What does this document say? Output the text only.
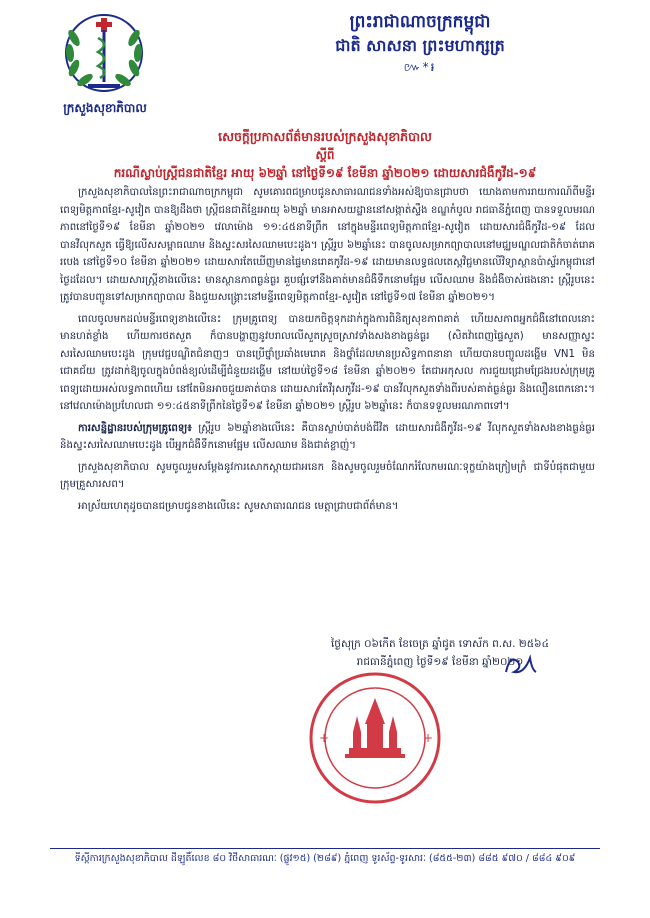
ក្រសួងសុខាភិបាល
ព្រះរាជាណាចក្រកម្ពុជា
ជាតិ សាសនា ព្រះមហាក្សត្រ
៚*៛
សេចក្តីប្រកាសព័ត៌មានរបស់ក្រសួងសុខាភិបាល
ស្តីពី
ករណីស្លាប់ស្ត្រីជនជាតិខ្មែរ អាយុ ៦២ឆ្នាំ នៅថ្ងៃទី១៩ ខែមីនា ឆ្នាំ២០២១ ដោយសារជំងឺកូវីដ-១៩

ក្រសួងសុខាភិបាលនៃព្រះរាជាណាចក្រកម្ពុជា សូមគោរពជម្រាបជូនសាធារណជនទាំងអស់ឱ្យបានជ្រាបថា យោងតាមការរាយការណ៍ពីមន្ទីរពេទ្យមិត្តភាពខ្មែរ-សូវៀត បានឱ្យដឹងថា ស្ត្រីជនជាតិខ្មែរអាយុ ៦២ឆ្នាំ មានអាសយដ្ឋាននៅសង្កាត់ស្ទឹង ខណ្ឌកំបូល រាជធានីភ្នំពេញ បានទទួលមរណភាពនៅថ្ងៃទី១៩ ខែមីនា ឆ្នាំ២០២១ វេលាម៉ោង ១១:៤៥នាទីព្រឹក នៅក្នុងមន្ទីរពេទ្យមិត្តភាពខ្មែរ-សូវៀត ដោយសារជំងឺកូវីដ-១៩ ដែលបានវីលុកសួត ធ្វើឱ្យលើសសម្ពាធឈាម និងស្ទះសរសៃឈាមបេះដូង។ ស្ត្រីរូប ៦២ឆ្នាំនេះ បានចូលសម្រាកព្យាបាលនៅមជ្ឈមណ្ឌលជាតិកំចាត់រោគរបេង នៅថ្ងៃទី១០ ខែមីនា ឆ្នាំ២០២១ ដោយសារតែឃើញមានផ្ទៃមានរោគកូវីដ-១៩ ដោយមានលទ្ធផលតេស្តវិជ្ជមានលើវិទ្យាស្ថានប៉ាស្ទ័រកម្ពុជានៅថ្ងៃដដែល។ ដោយសារស្ត្រីខាងលើនេះ មានស្ថានភាពធ្ងន់ធ្ងរ គួបផ្សំទៅនឹងគាត់មានជំងឺទឹកនោមផ្អែម លើសឈាម និងជំងឺចាស់ផងនោះ ស្ត្រីរូបនេះ ត្រូវបានបញ្ជូនទៅសម្រាកព្យាបាល និងជួយសង្គ្រោះនៅមន្ទីរពេទ្យមិត្តភាពខ្មែរ-សូវៀត នៅថ្ងៃទី១៧ ខែមីនា ឆ្នាំ២០២១។

ពេលចូលមកដល់មន្ទីរពេទ្យខាងលើនេះ ក្រុមគ្រូពេទ្យ បានយកចិត្តទុកដាក់ក្នុងការពិនិត្យសុខភាពគាត់ ហើយសភាពអ្នកជំងឺនៅពេលនោះ មានហត់ខ្លាំង ហើយការថតសួត ក៏បានបង្ហាញនូវបរាលលើសួតស្រួចស្រាវទាំងសងខាងធ្ងន់ធ្ងរ (សិតវ៉ាពេញផ្ទៃសួត) មានសញ្ញាស្ទះសរសៃឈាមបេះដូង ក្រុមវេជ្ជបណ្ឌិតជំនាញៗ បានប្រើថ្នាំប្រឆាំងមេរោគ និងថ្នាំដែលមានប្រសិទ្ធភាពនានា ហើយបានបញ្ចូលដង្ហើម VN1 មិនជោគជ័យ ត្រូវដាក់ឱ្យចូលក្នុងបំពង់ខ្យល់ដើម្បីជំនួយដង្ហើម នៅយប់ថ្ងៃទី១៨ ខែមីនា ឆ្នាំ២០២១ តែជាអកុសល ការជួយជ្រោមជ្រែងរបស់ក្រុមគ្រូពេទ្យដោយអស់លទ្ធភាពហើយ នៅតែមិនអាចជួយគាត់បាន ដោយសារតែវីរុសកូវីដ-១៩ បានវីលុកសួតទាំងពីរបស់គាត់ធ្ងន់ធ្ងរ និងលឿនពេកនោះ។ នៅវេលាម៉ោងប្រហែលជា ១១:៤៥នាទីព្រឹកនៃថ្ងៃទី១៩ ខែមីនា ឆ្នាំ២០២១ ស្ត្រីរូប ៦២ឆ្នាំនេះ ក៏បានទទួលមរណភាពទៅ។

ការសន្និដ្ឋានរបស់ក្រុមគ្រូពេទ្យ៖ ស្ត្រីរូប ៦២ឆ្នាំខាងលើនេះ គឺបានស្លាប់បាត់បង់ជីវិត ដោយសារជំងឺកូវីដ-១៩ វីលុកសួតទាំងសងខាងធ្ងន់ធ្ងរ និងស្ទះសរសៃឈាមបេះដូង បើអ្នកជំងឺទឹកនោមផ្អែម លើសឈាម និងជាត់ខ្លាញ់។

ក្រសួងសុខាភិបាល សូមចូលរួមសម្តែងនូវការសោកស្តាយជាអនេក និងសូមចូលរួមចំណែករំលែកមរណៈទុក្ខយ៉ាងក្រៀមក្រំ ជាទីបំផុតជាមួយក្រុមគ្រួសារសព។

អាស្រ័យហេតុដូចបានជម្រាបជូនខាងលើនេះ សូមសាធារណជន មេត្តាជ្រាបជាព័ត៌មាន។

ថ្ងៃសុក្រ ០៦កើត ខែចេត្រ ឆ្នាំជូត ទោស័ក ព.ស. ២៥៦៤
រាជធានីភ្នំពេញ ថ្ងៃទី១៩ ខែមីនា ឆ្នាំ២០២១
+	+
ទីស្តីការក្រសួងសុខាភិបាល ដីឡូតិ៍លេខ ៨០ វិថីសាធារណៈ (ផ្លូវ១៥) (២៨៩) ភ្នំពេញ ទូរស័ព្ទ-ទូរសារៈ (៨៥៥-២៣) ៨៨៥ ៩៧០ / ៨៨៤ ៩០៩
